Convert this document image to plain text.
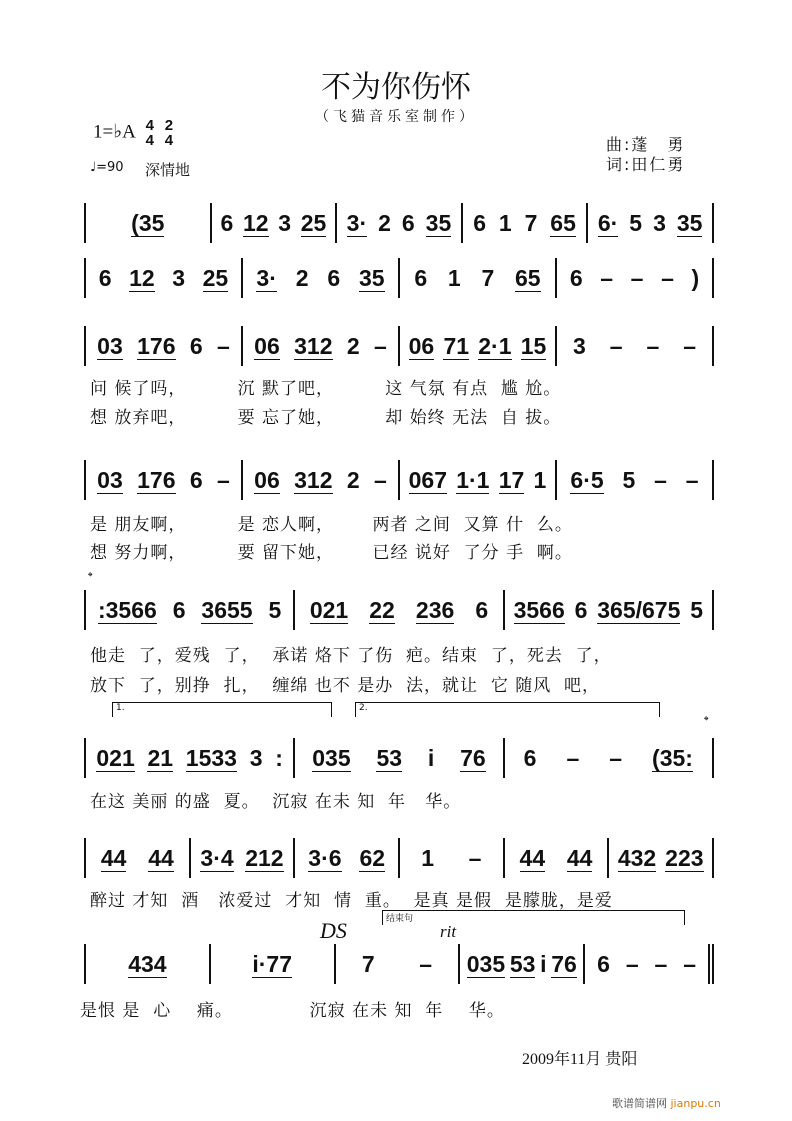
不为你伤怀
（飞猫音乐室制作）
1=♭A 4
4 2
4
♩=90 深情地
曲:蓬　勇
词:田仁勇
(35 6 12 3 25 3· 2 6 35 6 1 7 65 6· 5 3 35
6 12 3 25 3· 2 6 35 6 1 7 65 6 – – – )
03 176 6 – 06 312 2 – 06 71 2·1 15 3 – – –
问 候了吗，        沉 默了吧，        这 气氛 有点  尴 尬。
想 放弃吧，        要 忘了她，        却 始终 无法  自 拔。
03 176 6 – 06 312 2 – 067 1·1 17 1 6·5 5 – –
是 朋友啊，        是 恋人啊，      两者 之间  又算 什  么。
想 努力啊，        要 留下她，      已经 说好  了分 手  啊。
:3566 6 3655 5 021 22 236 6 3566 6 365/675 5
他走  了，爱残  了，  承诺 烙下 了伤  疤。结束  了，死去  了，
放下  了，别挣  扎，  缠绵 也不 是办  法，就让  它 随风  吧，
021 21 1533 3 : 035 53 i 76 6 – – (35:
在这 美丽 的盛  夏。  沉寂 在未 知  年   华。
44 44 3·4 212 3·6 62 1 – 44 44 432 223
醉过 才知  酒   浓爱过  才知  情  重。  是真 是假  是朦胧，是爱
434	i·77	7 – 035 53 i 76 6 – – –
是恨 是  心    痛。            沉寂 在未 知  年    华。
𝄌
𝄌
1.	2.
结束句
DS	rit
2009年11月 贵阳
歌谱简谱网 jianpu.cn
